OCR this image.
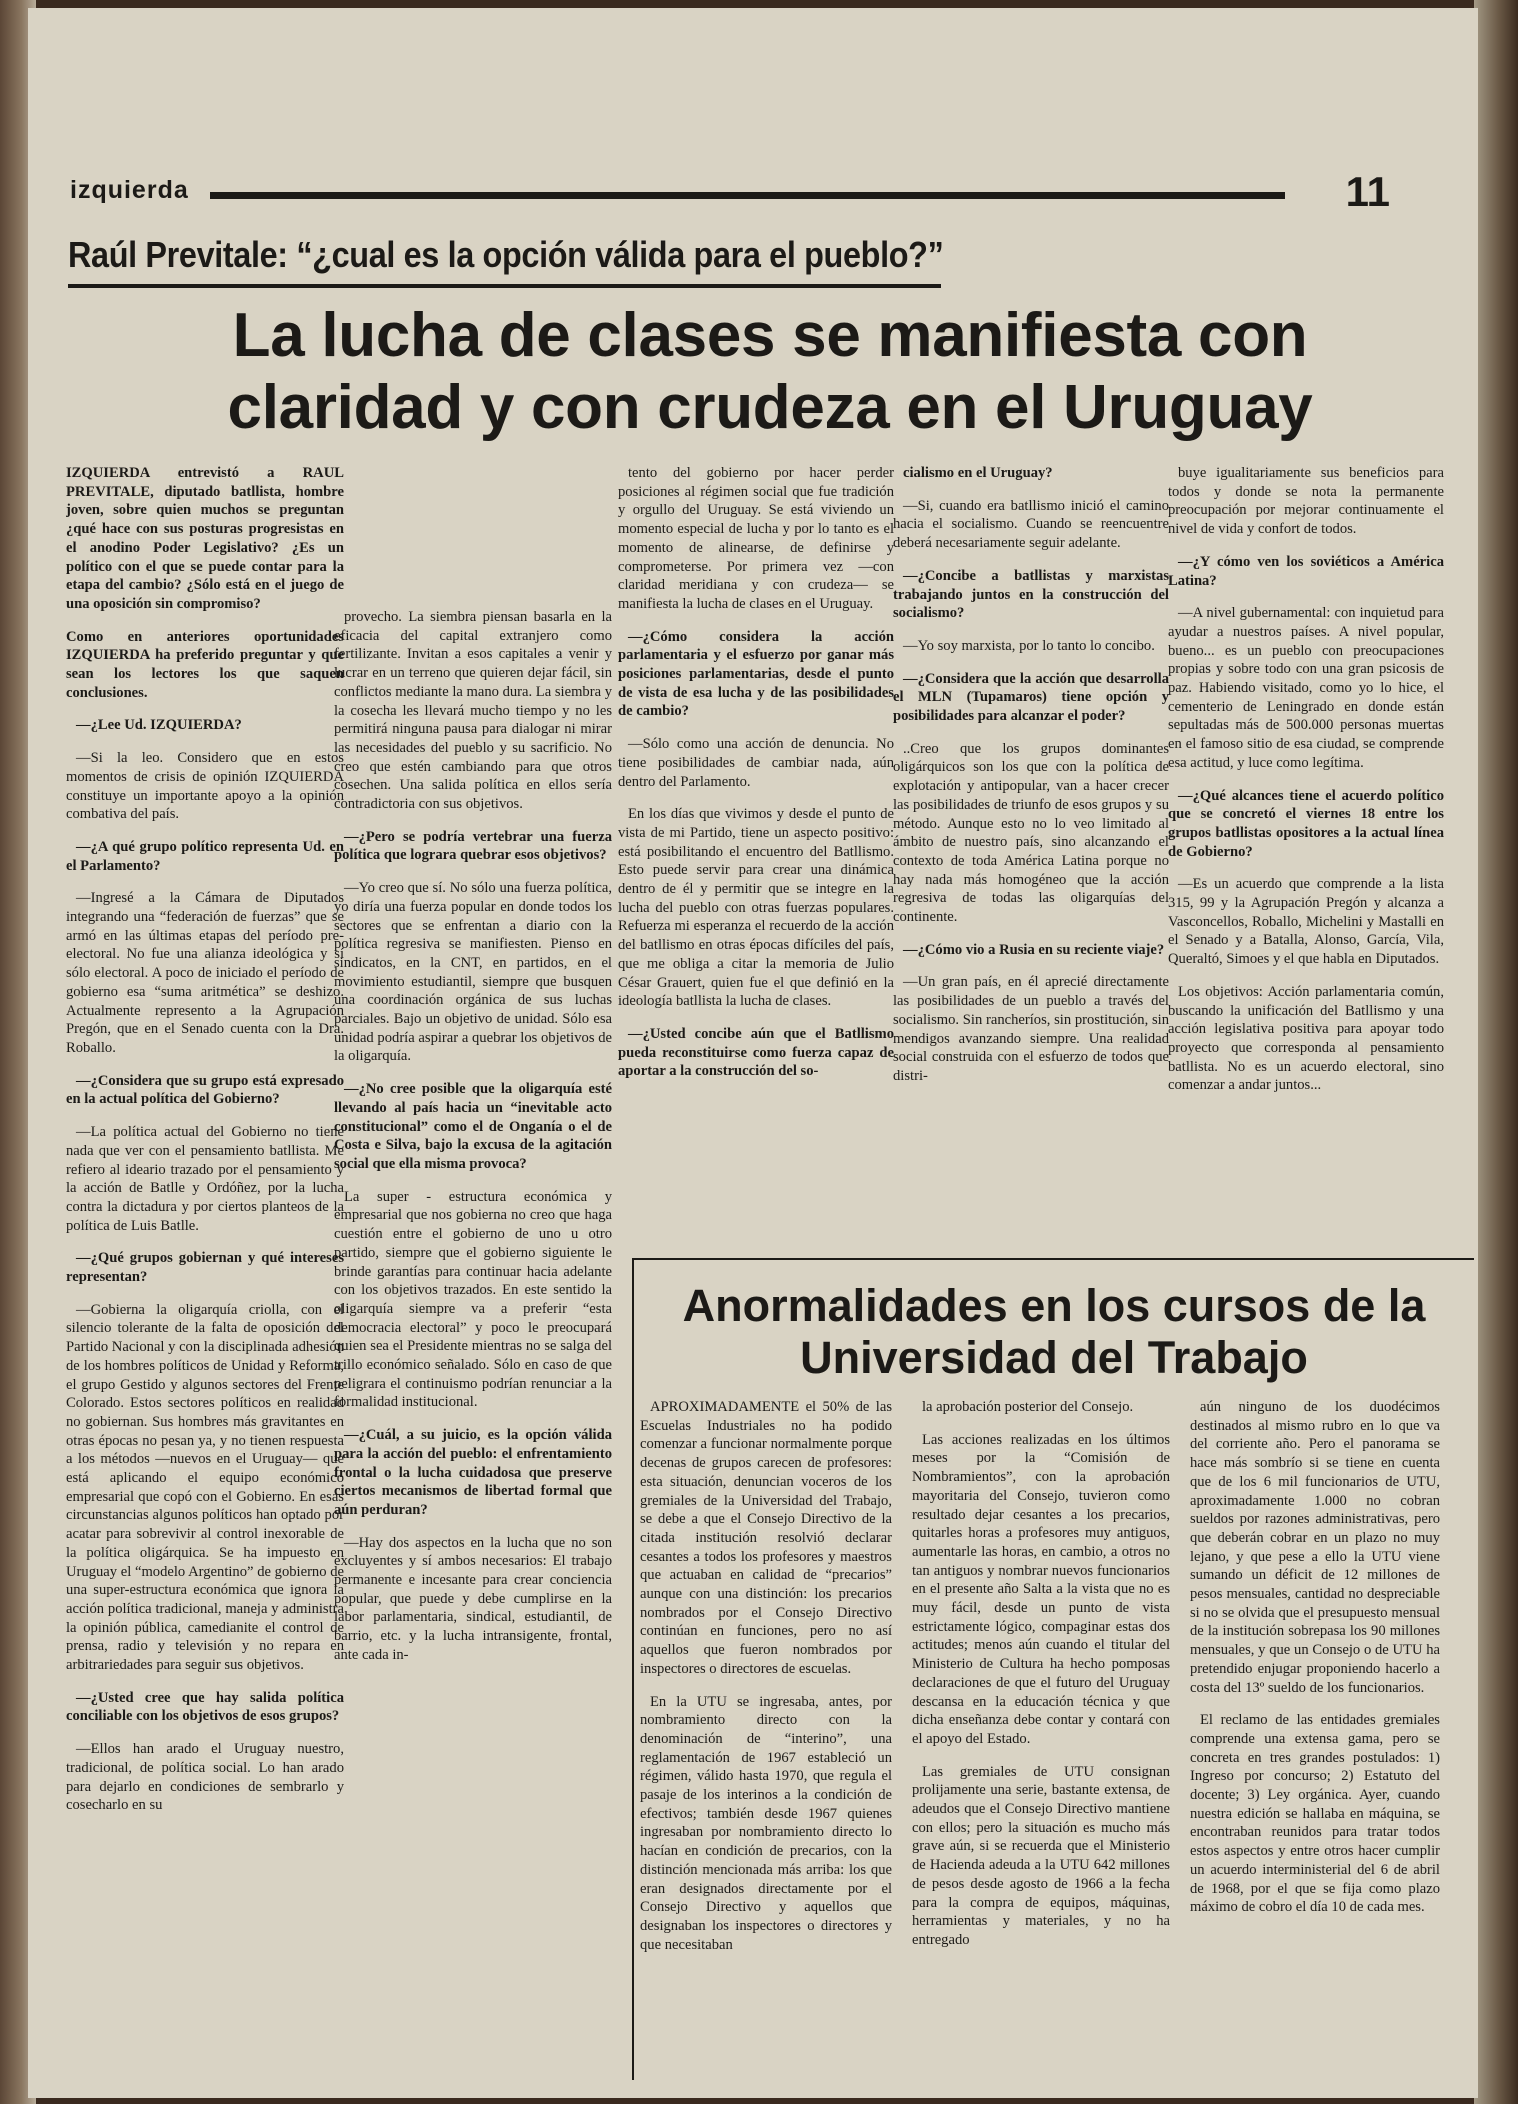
izquierda	11
Raúl Previtale: “¿cual es la opción válida para el pueblo?”
La lucha de clases se manifiesta con claridad y con crudeza en el Uruguay

IZQUIERDA entrevistó a RAUL PREVITALE, diputado batllista, hombre joven, sobre quien muchos se preguntan ¿qué hace con sus posturas progresistas en el anodino Poder Legislativo? ¿Es un político con el que se puede contar para la etapa del cambio? ¿Sólo está en el juego de una oposición sin compromiso?

Como en anteriores oportunidades IZQUIERDA ha preferido preguntar y que sean los lectores los que saquen conclusiones.

—¿Lee Ud. IZQUIERDA?

—Si la leo. Considero que en estos momentos de crisis de opinión IZQUIERDA constituye un importante apoyo a la opinión combativa del país.

—¿A qué grupo político representa Ud. en el Parlamento?

—Ingresé a la Cámara de Diputados integrando una “federación de fuerzas” que se armó en las últimas etapas del período pre-electoral. No fue una alianza ideológica y sí sólo electoral. A poco de iniciado el período de gobierno esa “suma aritmética” se deshizo. Actualmente represento a la Agrupación Pregón, que en el Senado cuenta con la Dra. Roballo.

—¿Considera que su grupo está expresado en la actual política del Gobierno?

—La política actual del Gobierno no tiene nada que ver con el pensamiento batllista. Me refiero al ideario trazado por el pensamiento y la acción de Batlle y Ordóñez, por la lucha contra la dictadura y por ciertos planteos de la política de Luis Batlle.

—¿Qué grupos gobiernan y qué intereses representan?

—Gobierna la oligarquía criolla, con el silencio tolerante de la falta de oposición del Partido Nacional y con la disciplinada adhesión de los hombres políticos de Unidad y Reforma, el grupo Gestido y algunos sectores del Frente Colorado. Estos sectores políticos en realidad no gobiernan. Sus hombres más gravitantes en otras épocas no pesan ya, y no tienen respuesta a los métodos —nuevos en el Uruguay— que está aplicando el equipo económico empresarial que copó con el Gobierno. En esas circunstancias algunos políticos han optado por acatar para sobrevivir al control inexorable de la política oligárquica. Se ha impuesto en Uruguay el “modelo Argentino” de gobierno de una super-estructura económica que ignora la acción política tradicional, maneja y administra la opinión pública, camedianite el control de prensa, radio y televisión y no repara en arbitrariedades para seguir sus objetivos.

—¿Usted cree que hay salida política conciliable con los objetivos de esos grupos?

—Ellos han arado el Uruguay nuestro, tradicional, de política social. Lo han arado para dejarlo en condiciones de sembrarlo y cosecharlo en su

provecho. La siembra piensan basarla en la eficacia del capital extranjero como fertilizante. Invitan a esos capitales a venir y lucrar en un terreno que quieren dejar fácil, sin conflictos mediante la mano dura. La siembra y la cosecha les llevará mucho tiempo y no les permitirá ninguna pausa para dialogar ni mirar las necesidades del pueblo y su sacrificio. No creo que estén cambiando para que otros cosechen. Una salida política en ellos sería contradictoria con sus objetivos.

—¿Pero se podría vertebrar una fuerza política que lograra quebrar esos objetivos?

—Yo creo que sí. No sólo una fuerza política, yo diría una fuerza popular en donde todos los sectores que se enfrentan a diario con la política regresiva se manifiesten. Pienso en sindicatos, en la CNT, en partidos, en el movimiento estudiantil, siempre que busquen una coordinación orgánica de sus luchas parciales. Bajo un objetivo de unidad. Sólo esa unidad podría aspirar a quebrar los objetivos de la oligarquía.

—¿No cree posible que la oligarquía esté llevando al país hacia un “inevitable acto constitucional” como el de Onganía o el de Costa e Silva, bajo la excusa de la agitación social que ella misma provoca?

La super - estructura económica y empresarial que nos gobierna no creo que haga cuestión entre el gobierno de uno u otro partido, siempre que el gobierno siguiente le brinde garantías para continuar hacia adelante con los objetivos trazados. En este sentido la oligarquía siempre va a preferir “esta democracia electoral” y poco le preocupará quien sea el Presidente mientras no se salga del trillo económico señalado. Sólo en caso de que peligrara el continuismo podrían renunciar a la formalidad institucional.

—¿Cuál, a su juicio, es la opción válida para la acción del pueblo: el enfrentamiento frontal o la lucha cuidadosa que preserve ciertos mecanismos de libertad formal que aún perduran?

—Hay dos aspectos en la lucha que no son excluyentes y sí ambos necesarios: El trabajo permanente e incesante para crear conciencia popular, que puede y debe cumplirse en la labor parlamentaria, sindical, estudiantil, de barrio, etc. y la lucha intransigente, frontal, ante cada in-

tento del gobierno por hacer perder posiciones al régimen social que fue tradición y orgullo del Uruguay. Se está viviendo un momento especial de lucha y por lo tanto es el momento de alinearse, de definirse y comprometerse. Por primera vez —con claridad meridiana y con crudeza— se manifiesta la lucha de clases en el Uruguay.

—¿Cómo considera la acción parlamentaria y el esfuerzo por ganar más posiciones parlamentarias, desde el punto de vista de esa lucha y de las posibilidades de cambio?

—Sólo como una acción de denuncia. No tiene posibilidades de cambiar nada, aún dentro del Parlamento.

En los días que vivimos y desde el punto de vista de mi Partido, tiene un aspecto positivo: está posibilitando el encuentro del Batllismo. Esto puede servir para crear una dinámica dentro de él y permitir que se integre en la lucha del pueblo con otras fuerzas populares. Refuerza mi esperanza el recuerdo de la acción del batllismo en otras épocas difíciles del país, que me obliga a citar la memoria de Julio César Grauert, quien fue el que definió en la ideología batllista la lucha de clases.

—¿Usted concibe aún que el Batllismo pueda reconstituirse como fuerza capaz de aportar a la construcción del so-

cialismo en el Uruguay?

—Si, cuando era batllismo inició el camino hacia el socialismo. Cuando se reencuentre deberá necesariamente seguir adelante.

—¿Concibe a batllistas y marxistas trabajando juntos en la construcción del socialismo?

—Yo soy marxista, por lo tanto lo concibo.

—¿Considera que la acción que desarrolla el MLN (Tupamaros) tiene opción y posibilidades para alcanzar el poder?

..Creo que los grupos dominantes oligárquicos son los que con la política de explotación y antipopular, van a hacer crecer las posibilidades de triunfo de esos grupos y su método. Aunque esto no lo veo limitado al ámbito de nuestro país, sino alcanzando el contexto de toda América Latina porque no hay nada más homogéneo que la acción regresiva de todas las oligarquías del continente.

—¿Cómo vio a Rusia en su reciente viaje?

—Un gran país, en él aprecié directamente las posibilidades de un pueblo a través del socialismo. Sin rancheríos, sin prostitución, sin mendigos avanzando siempre. Una realidad social construida con el esfuerzo de todos que distri-

buye igualitariamente sus beneficios para todos y donde se nota la permanente preocupación por mejorar continuamente el nivel de vida y confort de todos.

—¿Y cómo ven los soviéticos a América Latina?

—A nivel gubernamental: con inquietud para ayudar a nuestros países. A nivel popular, bueno... es un pueblo con preocupaciones propias y sobre todo con una gran psicosis de paz. Habiendo visitado, como yo lo hice, el cementerio de Leningrado en donde están sepultadas más de 500.000 personas muertas en el famoso sitio de esa ciudad, se comprende esa actitud, y luce como legítima.

—¿Qué alcances tiene el acuerdo político que se concretó el viernes 18 entre los grupos batllistas opositores a la actual línea de Gobierno?

—Es un acuerdo que comprende a la lista 315, 99 y la Agrupación Pregón y alcanza a Vasconcellos, Roballo, Michelini y Mastalli en el Senado y a Batalla, Alonso, García, Vila, Queraltó, Simoes y el que habla en Diputados.

Los objetivos: Acción parlamentaria común, buscando la unificación del Batllismo y una acción legislativa positiva para apoyar todo proyecto que corresponda al pensamiento batllista. No es un acuerdo electoral, sino comenzar a andar juntos...

Anormalidades en los cursos de la Universidad del Trabajo

APROXIMADAMENTE el 50% de las Escuelas Industriales no ha podido comenzar a funcionar normalmente porque decenas de grupos carecen de profesores: esta situación, denuncian voceros de los gremiales de la Universidad del Trabajo, se debe a que el Consejo Directivo de la citada institución resolvió declarar cesantes a todos los profesores y maestros que actuaban en calidad de “precarios” aunque con una distinción: los precarios nombrados por el Consejo Directivo continúan en funciones, pero no así aquellos que fueron nombrados por inspectores o directores de escuelas.

En la UTU se ingresaba, antes, por nombramiento directo con la denominación de “interino”, una reglamentación de 1967 estableció un régimen, válido hasta 1970, que regula el pasaje de los interinos a la condición de efectivos; también desde 1967 quienes ingresaban por nombramiento directo lo hacían en condición de precarios, con la distinción mencionada más arriba: los que eran designados directamente por el Consejo Directivo y aquellos que designaban los inspectores o directores y que necesitaban

la aprobación posterior del Consejo.

Las acciones realizadas en los últimos meses por la “Comisión de Nombramientos”, con la aprobación mayoritaria del Consejo, tuvieron como resultado dejar cesantes a los precarios, quitarles horas a profesores muy antiguos, aumentarle las horas, en cambio, a otros no tan antiguos y nombrar nuevos funcionarios en el presente año Salta a la vista que no es muy fácil, desde un punto de vista estrictamente lógico, compaginar estas dos actitudes; menos aún cuando el titular del Ministerio de Cultura ha hecho pomposas declaraciones de que el futuro del Uruguay descansa en la educación técnica y que dicha enseñanza debe contar y contará con el apoyo del Estado.

Las gremiales de UTU consignan prolijamente una serie, bastante extensa, de adeudos que el Consejo Directivo mantiene con ellos; pero la situación es mucho más grave aún, si se recuerda que el Ministerio de Hacienda adeuda a la UTU 642 millones de pesos desde agosto de 1966 a la fecha para la compra de equipos, máquinas, herramientas y materiales, y no ha entregado

aún ninguno de los duodécimos destinados al mismo rubro en lo que va del corriente año. Pero el panorama se hace más sombrío si se tiene en cuenta que de los 6 mil funcionarios de UTU, aproximadamente 1.000 no cobran sueldos por razones administrativas, pero que deberán cobrar en un plazo no muy lejano, y que pese a ello la UTU viene sumando un déficit de 12 millones de pesos mensuales, cantidad no despreciable si no se olvida que el presupuesto mensual de la institución sobrepasa los 90 millones mensuales, y que un Consejo o de UTU ha pretendido enjugar proponiendo hacerlo a costa del 13º sueldo de los funcionarios.

El reclamo de las entidades gremiales comprende una extensa gama, pero se concreta en tres grandes postulados: 1) Ingreso por concurso; 2) Estatuto del docente; 3) Ley orgánica. Ayer, cuando nuestra edición se hallaba en máquina, se encontraban reunidos para tratar todos estos aspectos y entre otros hacer cumplir un acuerdo interministerial del 6 de abril de 1968, por el que se fija como plazo máximo de cobro el día 10 de cada mes.
